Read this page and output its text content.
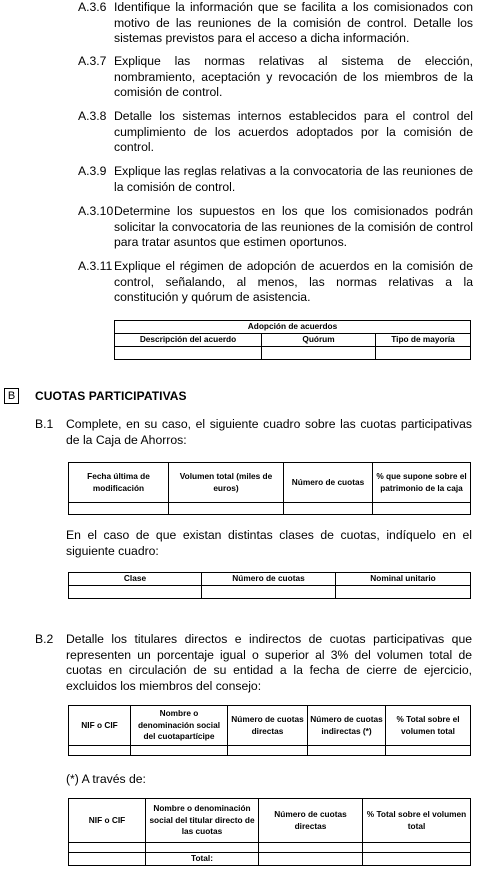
A.3.6 Identifique la información que se facilita a los comisionados con motivo de las reuniones de la comisión de control. Detalle los sistemas previstos para el acceso a dicha información.
A.3.7 Explique las normas relativas al sistema de elección, nombramiento, aceptación y revocación de los miembros de la comisión de control.
A.3.8 Detalle los sistemas internos establecidos para el control del cumplimiento de los acuerdos adoptados por la comisión de control.
A.3.9 Explique las reglas relativas a la convocatoria de las reuniones de la comisión de control.
A.3.10 Determine los supuestos en los que los comisionados podrán solicitar la convocatoria de las reuniones de la comisión de control para tratar asuntos que estimen oportunos.
A.3.11 Explique el régimen de adopción de acuerdos en la comisión de control, señalando, al menos, las normas relativas a la constitución y quórum de asistencia.
Adopción de acuerdos		
Descripción del acuerdo	Quórum	Tipo de mayoría

B	CUOTAS PARTICIPATIVAS
B.1 Complete, en su caso, el siguiente cuadro sobre las cuotas participativas de la Caja de Ahorros:
Fecha última de modificación	Volumen total (miles de euros)	Número de cuotas	% que supone sobre el patrimonio de la caja

En el caso de que existan distintas clases de cuotas, indíquelo en el siguiente cuadro:
Clase	Número de cuotas	Nominal unitario

B.2 Detalle los titulares directos e indirectos de cuotas participativas que representen un porcentaje igual o superior al 3% del volumen total de cuotas en circulación de su entidad a la fecha de cierre de ejercicio, excluidos los miembros del consejo:
NIF o CIF	Nombre o denominación social del cuotapartícipe	Número de cuotas directas	Número de cuotas indirectas (*)	% Total sobre el volumen total

(*) A través de:
NIF o CIF	Nombre o denominación social del titular directo de las cuotas	Número de cuotas directas	% Total sobre el volumen total

	Total:		
